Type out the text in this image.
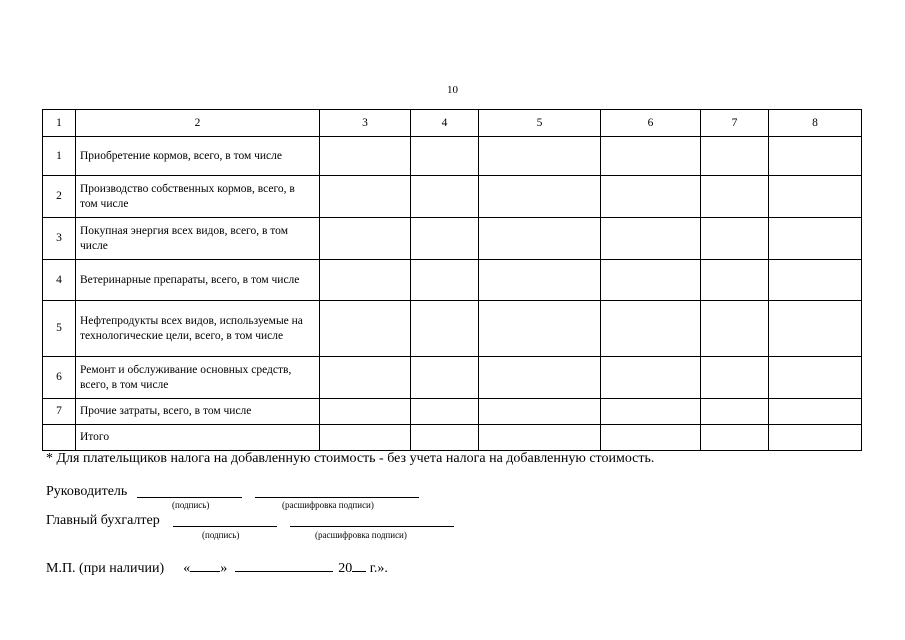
10
1	2	3	4	5	6	7	8
1	Приобретение кормов, всего, в том числе						
2	Производство собственных кормов, всего, в том числе						
3	Покупная энергия всех видов, всего, в том числе						
4	Ветеринарные препараты, всего, в том числе						
5	Нефтепродукты всех видов, используемые на технологические цели, всего, в том числе						
6	Ремонт и обслуживание основных средств, всего, в том числе						
7	Прочие затраты, всего, в том числе						
	Итого						
* Для плательщиков налога на добавленную стоимость - без учета налога на добавленную стоимость.
Руководитель
(подпись)	(расшифровка подписи)
Главный бухгалтер
(подпись)	(расшифровка подписи)
М.П. (при наличии) « »	20 г.».
